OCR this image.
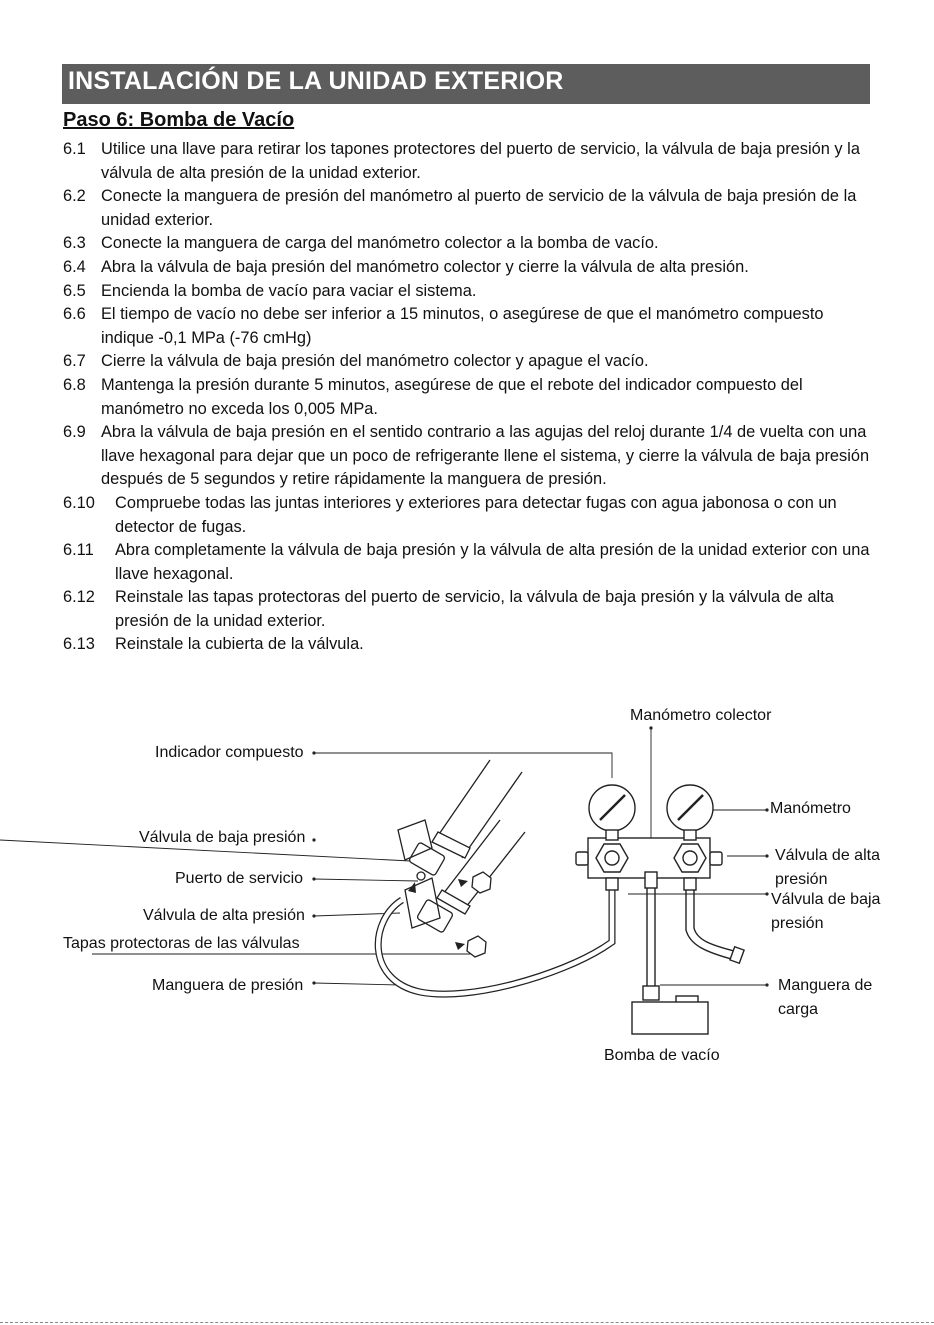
INSTALACIÓN DE LA UNIDAD EXTERIOR
Paso 6: Bomba de Vacío
6.1 Utilice una llave para retirar los tapones protectores del puerto de servicio, la válvula de baja presión y la válvula de alta presión de la unidad exterior.
6.2 Conecte la manguera de presión del manómetro al puerto de servicio de la válvula de baja presión de la unidad exterior.
6.3 Conecte la manguera de carga del manómetro colector a la bomba de vacío.
6.4 Abra la válvula de baja presión del manómetro colector y cierre la válvula de alta presión.
6.5 Encienda la bomba de vacío para vaciar el sistema.
6.6 El tiempo de vacío no debe ser inferior a 15 minutos, o asegúrese de que el manómetro compuesto indique -0,1 MPa (-76 cmHg)
6.7 Cierre la válvula de baja presión del manómetro colector y apague el vacío.
6.8 Mantenga la presión durante 5 minutos, asegúrese de que el rebote del indicador compuesto del manómetro no exceda los 0,005 MPa.
6.9 Abra la válvula de baja presión en el sentido contrario a las agujas del reloj durante 1/4 de vuelta con una llave hexagonal para dejar que un poco de refrigerante llene el sistema, y cierre la válvula de baja presión después de 5 segundos y retire rápidamente la manguera de presión.
6.10 Compruebe todas las juntas interiores y exteriores para detectar fugas con agua jabonosa o con un detector de fugas.
6.11 Abra completamente la válvula de baja presión y la válvula de alta presión de la unidad exterior con una llave hexagonal.
6.12 Reinstale las tapas protectoras del puerto de servicio, la válvula de baja presión y la válvula de alta presión de la unidad exterior.
6.13 Reinstale la cubierta de la válvula.
Manómetro colector
Indicador compuesto
Manómetro
Válvula de baja presión
Puerto de servicio
Válvula de alta presión
Tapas protectoras de las válvulas
Manguera de presión
Válvula de alta
presión
Válvula de baja
presión
Manguera de
carga
Bomba de vacío
